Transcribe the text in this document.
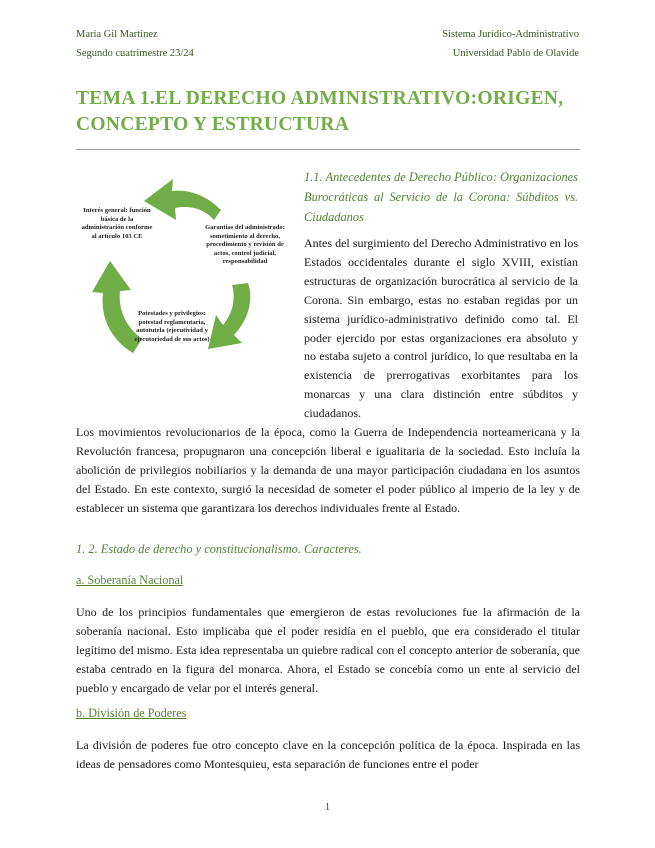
María Gil Martínez
Segundo cuatrimestre 23/24
Sistema Jurídico-Administrativo
Universidad Pablo de Olavide
TEMA 1.EL DERECHO ADMINISTRATIVO:ORIGEN, CONCEPTO Y ESTRUCTURA
Interés general: función básica de la administración conforme al artículo 103 CE
Garantías del administrado: sometimiento al derecho, procedimiento y revisión de actos, control judicial, responsabilidad
Potestades y privilegios: potestad reglamentaria, autotutela (ejecutividad y ejecutoriedad de sus actos)
1.1. Antecedentes de Derecho Público: Organizaciones Burocráticas al Servicio de la Corona: Súbditos vs. Ciudadanos

Antes del surgimiento del Derecho Administrativo en los Estados occidentales durante el siglo XVIII, existían estructuras de organización burocrática al servicio de la Corona. Sin embargo, estas no estaban regidas por un sistema jurídico-administrativo definido como tal. El poder ejercido por estas organizaciones era absoluto y no estaba sujeto a control jurídico, lo que resultaba en la existencia de prerrogativas exorbitantes para los monarcas y una clara distinción entre súbditos y ciudadanos.

Los movimientos revolucionarios de la época, como la Guerra de Independencia norteamericana y la Revolución francesa, propugnaron una concepción liberal e igualitaria de la sociedad. Esto incluía la abolición de privilegios nobiliarios y la demanda de una mayor participación ciudadana en los asuntos del Estado. En este contexto, surgió la necesidad de someter el poder público al imperio de la ley y de establecer un sistema que garantizara los derechos individuales frente al Estado.

1. 2. Estado de derecho y constitucionalismo. Caracteres.
a. Soberanía Nacional

Uno de los principios fundamentales que emergieron de estas revoluciones fue la afirmación de la soberanía nacional. Esto implicaba que el poder residía en el pueblo, que era considerado el titular legítimo del mismo. Esta idea representaba un quiebre radical con el concepto anterior de soberanía, que estaba centrado en la figura del monarca. Ahora, el Estado se concebía como un ente al servicio del pueblo y encargado de velar por el interés general.

b. División de Poderes

La división de poderes fue otro concepto clave en la concepción política de la época. Inspirada en las ideas de pensadores como Montesquieu, esta separación de funciones entre el poder

1
